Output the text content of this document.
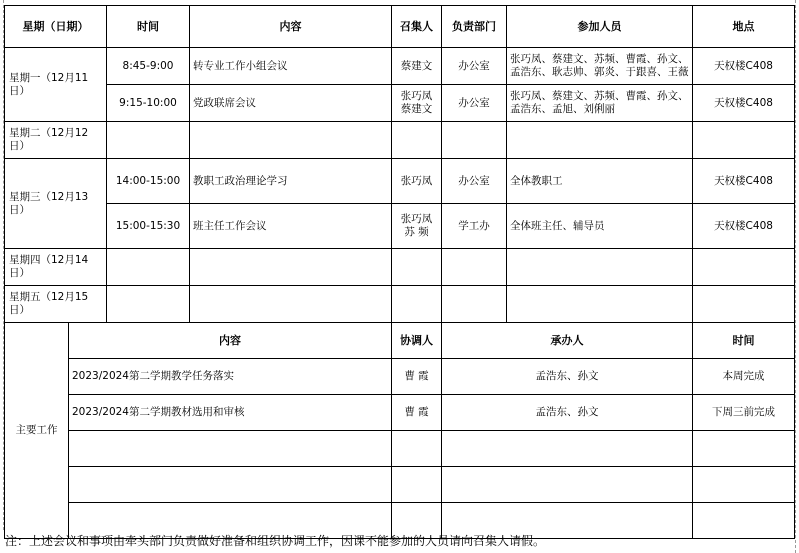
星期（日期）		时间	内容	召集人	负责部门	参加人员	地点
星期一（12月11日）		8:45-9:00	转专业工作小组会议	蔡建文	办公室	张巧凤、蔡建文、苏频、曹霞、孙文、孟浩东、耿志帅、郭炎、于跟喜、王薇	天权楼C408
		9:15-10:00	党政联席会议	张巧凤 蔡建文	办公室	张巧凤、蔡建文、苏频、曹霞、孙文、孟浩东、孟旭、刘俐丽	天权楼C408
星期二（12月12日）							
星期三（12月13日）		14:00-15:00	教职工政治理论学习	张巧凤	办公室	全体教职工	天权楼C408
		15:00-15:30	班主任工作会议	张巧凤 苏 频	学工办	全体班主任、辅导员	天权楼C408
星期四（12月14日）							
星期五（12月15日）							
主要工作	内容			协调人	承办人		时间
	2023/2024第二学期教学任务落实			曹 霞	孟浩东、孙文		本周完成
	2023/2024第二学期教材选用和审核			曹 霞	孟浩东、孙文		下周三前完成

注：上述会议和事项由牵头部门负责做好准备和组织协调工作，因课不能参加的人员请向召集人请假。
